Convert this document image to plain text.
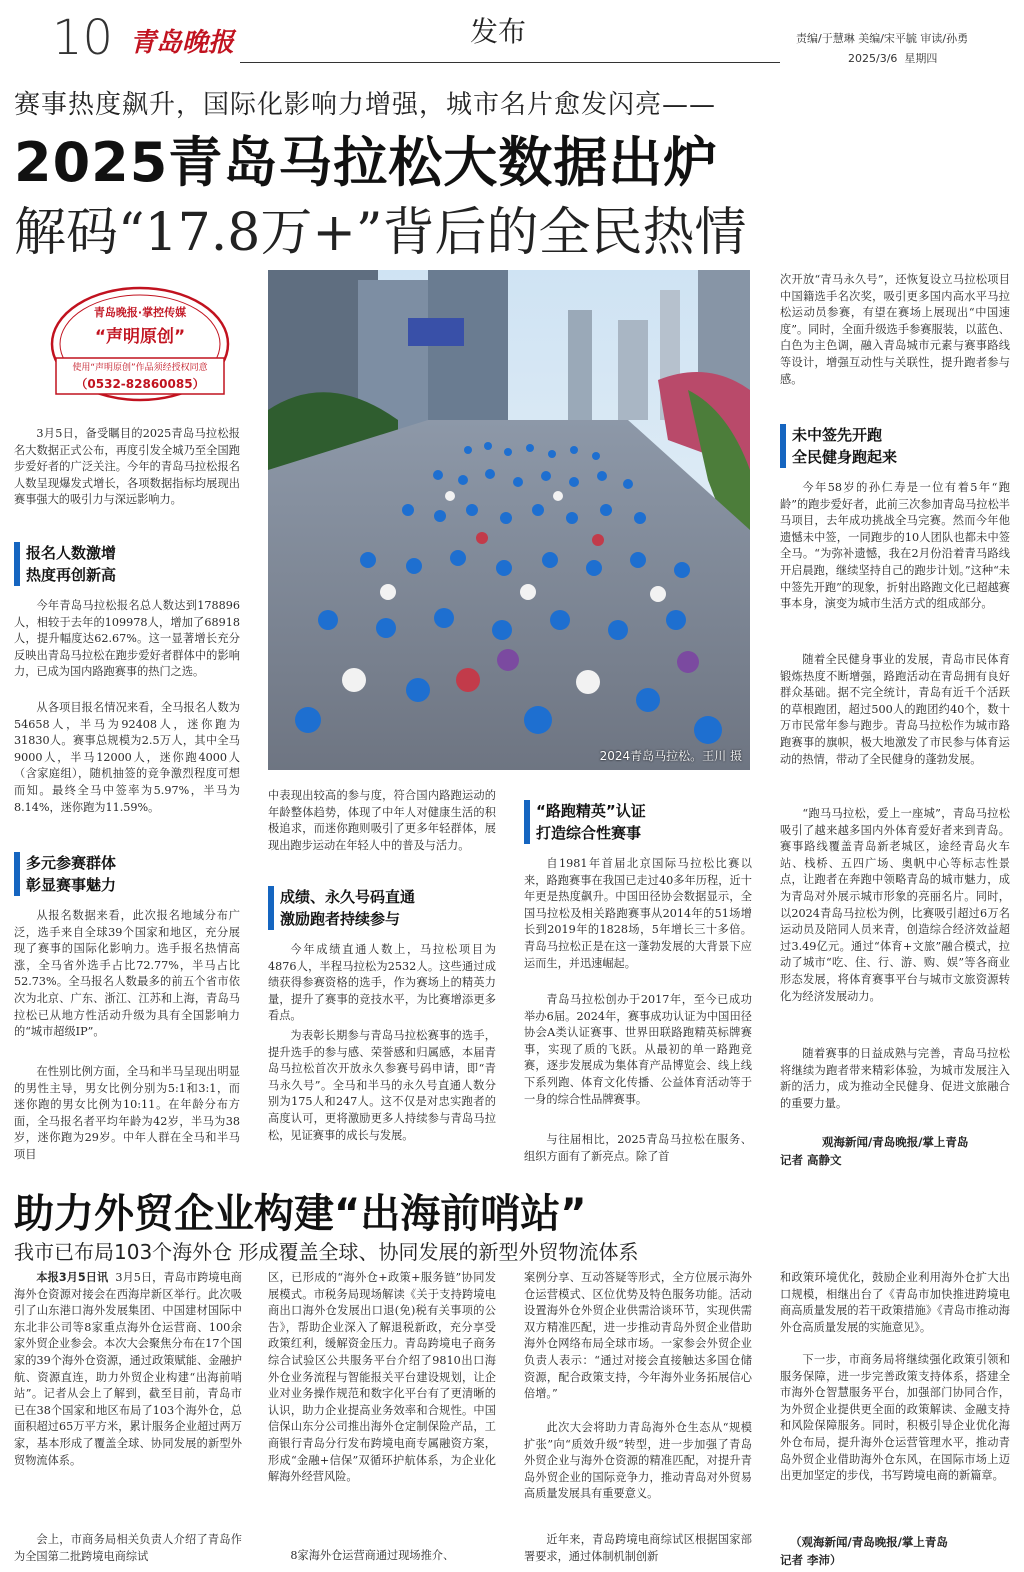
10 青岛晚报	发布	责编/于慧琳 美编/宋平毓 审读/孙勇
2025/3/6 星期四
赛事热度飙升，国际化影响力增强，城市名片愈发闪亮——
2025青岛马拉松大数据出炉
解码“17.8万+”背后的全民热情
青岛晚报·掌控传媒
“声明原创”
使用“声明原创”作品须经授权同意
（0532-82860085）
3月5日，备受瞩目的2025青岛马拉松报名大数据正式公布，再度引发全城乃至全国跑步爱好者的广泛关注。今年的青岛马拉松报名人数呈现爆发式增长，各项数据指标均展现出赛事强大的吸引力与深远影响力。
报名人数激增
热度再创新高
今年青岛马拉松报名总人数达到178896人，相较于去年的109978人，增加了68918人，提升幅度达62.67%。这一显著增长充分反映出青岛马拉松在跑步爱好者群体中的影响力，已成为国内路跑赛事的热门之选。
从各项目报名情况来看，全马报名人数为54658人，半马为92408人，迷你跑为31830人。赛事总规模为2.5万人，其中全马9000人，半马12000人，迷你跑4000人（含家庭组），随机抽签的竞争激烈程度可想而知。最终全马中签率为5.97%，半马为8.14%，迷你跑为11.59%。
多元参赛群体
彰显赛事魅力
从报名数据来看，此次报名地域分布广泛，选手来自全球39个国家和地区，充分展现了赛事的国际化影响力。选手报名热情高涨，全马省外选手占比72.77%，半马占比52.73%。全马报名人数最多的前五个省市依次为北京、广东、浙江、江苏和上海，青岛马拉松已从地方性活动升级为具有全国影响力的“城市超级IP”。
在性别比例方面，全马和半马呈现出明显的男性主导，男女比例分别为5:1和3:1，而迷你跑的男女比例为10:11。在年龄分布方面，全马报名者平均年龄为42岁，半马为38岁，迷你跑为29岁。中年人群在全马和半马项目
2024青岛马拉松。王川 摄
中表现出较高的参与度，符合国内路跑运动的年龄整体趋势，体现了中年人对健康生活的积极追求，而迷你跑则吸引了更多年轻群体，展现出跑步运动在年轻人中的普及与活力。
成绩、永久号码直通
激励跑者持续参与
今年成绩直通人数上，马拉松项目为4876人，半程马拉松为2532人。这些通过成绩获得参赛资格的选手，作为赛场上的精英力量，提升了赛事的竞技水平，为比赛增添更多看点。
为表彰长期参与青岛马拉松赛事的选手，提升选手的参与感、荣誉感和归属感，本届青岛马拉松首次开放永久参赛号码申请，即“青马永久号”。全马和半马的永久号直通人数分别为175人和247人。这不仅是对忠实跑者的高度认可，更将激励更多人持续参与青岛马拉松，见证赛事的成长与发展。
“路跑精英”认证
打造综合性赛事
自1981年首届北京国际马拉松比赛以来，路跑赛事在我国已走过40多年历程，近十年更是热度飙升。中国田径协会数据显示，全国马拉松及相关路跑赛事从2014年的51场增长到2019年的1828场，5年增长三十多倍。青岛马拉松正是在这一蓬勃发展的大背景下应运而生，并迅速崛起。
青岛马拉松创办于2017年，至今已成功举办6届。2024年，赛事成功认证为中国田径协会A类认证赛事、世界田联路跑精英标牌赛事，实现了质的飞跃。从最初的单一路跑竞赛，逐步发展成为集体育产品博览会、线上线下系列跑、体育文化传播、公益体育活动等于一身的综合性品牌赛事。
与往届相比，2025青岛马拉松在服务、组织方面有了新亮点。除了首
次开放“青马永久号”，还恢复设立马拉松项目中国籍选手名次奖，吸引更多国内高水平马拉松运动员参赛，有望在赛场上展现出“中国速度”。同时，全面升级选手参赛服装，以蓝色、白色为主色调，融入青岛城市元素与赛事路线等设计，增强互动性与关联性，提升跑者参与感。
未中签先开跑
全民健身跑起来
今年58岁的孙仁寿是一位有着5年“跑龄”的跑步爱好者，此前三次参加青岛马拉松半马项目，去年成功挑战全马完赛。然而今年他遗憾未中签，一同跑步的10人团队也都未中签全马。“为弥补遗憾，我在2月份沿着青马路线开启晨跑，继续坚持自己的跑步计划。”这种“未中签先开跑”的现象，折射出路跑文化已超越赛事本身，演变为城市生活方式的组成部分。
随着全民健身事业的发展，青岛市民体育锻炼热度不断增强，路跑活动在青岛拥有良好群众基础。据不完全统计，青岛有近千个活跃的草根跑团，超过500人的跑团约40个，数十万市民常年参与跑步。青岛马拉松作为城市路跑赛事的旗帜，极大地激发了市民参与体育运动的热情，带动了全民健身的蓬勃发展。
“跑马马拉松，爱上一座城”，青岛马拉松吸引了越来越多国内外体育爱好者来到青岛。赛事路线覆盖青岛新老城区，途经青岛火车站、栈桥、五四广场、奥帆中心等标志性景点，让跑者在奔跑中领略青岛的城市魅力，成为青岛对外展示城市形象的亮丽名片。同时，以2024青岛马拉松为例，比赛吸引超过6万名运动员及陪同人员来青，创造综合经济效益超过3.49亿元。通过“体育+文旅”融合模式，拉动了城市“吃、住、行、游、购、娱”等各商业形态发展，将体育赛事平台与城市文旅资源转化为经济发展动力。
随着赛事的日益成熟与完善，青岛马拉松将继续为跑者带来精彩体验，为城市发展注入新的活力，成为推动全民健身、促进文旅融合的重要力量。
观海新闻/青岛晚报/掌上青岛
记者 高静文
助力外贸企业构建“出海前哨站”
我市已布局103个海外仓 形成覆盖全球、协同发展的新型外贸物流体系
本报3月5日讯 3月5日，青岛市跨境电商海外仓资源对接会在西海岸新区举行。此次吸引了山东港口海外发展集团、中国建材国际中东北非公司等8家重点海外仓运营商、100余家外贸企业参会。本次大会聚焦分布在17个国家的39个海外仓资源，通过政策赋能、金融护航、资源直连，助力外贸企业构建“出海前哨站”。记者从会上了解到，截至目前，青岛市已在38个国家和地区布局了103个海外仓，总面积超过65万平方米，累计服务企业超过两万家，基本形成了覆盖全球、协同发展的新型外贸物流体系。
会上，市商务局相关负责人介绍了青岛作为全国第二批跨境电商综试
区，已形成的“海外仓+政策+服务链”协同发展模式。市税务局现场解读《关于支持跨境电商出口海外仓发展出口退(免)税有关事项的公告》，帮助企业深入了解退税新政，充分享受政策红利，缓解资金压力。青岛跨境电子商务综合试验区公共服务平台介绍了9810出口海外仓业务流程与智能报关平台建设规划，让企业对业务操作规范和数字化平台有了更清晰的认识，助力企业提高业务效率和合规性。中国信保山东分公司推出海外仓定制保险产品，工商银行青岛分行发布跨境电商专属融资方案，形成“金融+信保”双循环护航体系，为企业化解海外经营风险。
8家海外仓运营商通过现场推介、
案例分享、互动答疑等形式，全方位展示海外仓运营模式、区位优势及特色服务功能。活动设置海外仓外贸企业供需洽谈环节，实现供需双方精准匹配，进一步推动青岛外贸企业借助海外仓网络布局全球市场。一家参会外贸企业负责人表示：“通过对接会直接触达多国仓储资源，配合政策支持，今年海外业务拓展信心倍增。”
此次大会将助力青岛海外仓生态从“规模扩张”向“质效升级”转型，进一步加强了青岛外贸企业与海外仓资源的精准匹配，对提升青岛外贸企业的国际竞争力，推动青岛对外贸易高质量发展具有重要意义。
近年来，青岛跨境电商综试区根据国家部署要求，通过体制机制创新
和政策环境优化，鼓励企业利用海外仓扩大出口规模，相继出台了《青岛市加快推进跨境电商高质量发展的若干政策措施》《青岛市推动海外仓高质量发展的实施意见》。
下一步，市商务局将继续强化政策引领和服务保障，进一步完善政策支持体系，搭建全市海外仓智慧服务平台，加强部门协同合作，为外贸企业提供更全面的政策解读、金融支持和风险保障服务。同时，积极引导企业优化海外仓布局，提升海外仓运营管理水平，推动青岛外贸企业借助海外仓东风，在国际市场上迈出更加坚定的步伐，书写跨境电商的新篇章。
（观海新闻/青岛晚报/掌上青岛
记者 李沛）
